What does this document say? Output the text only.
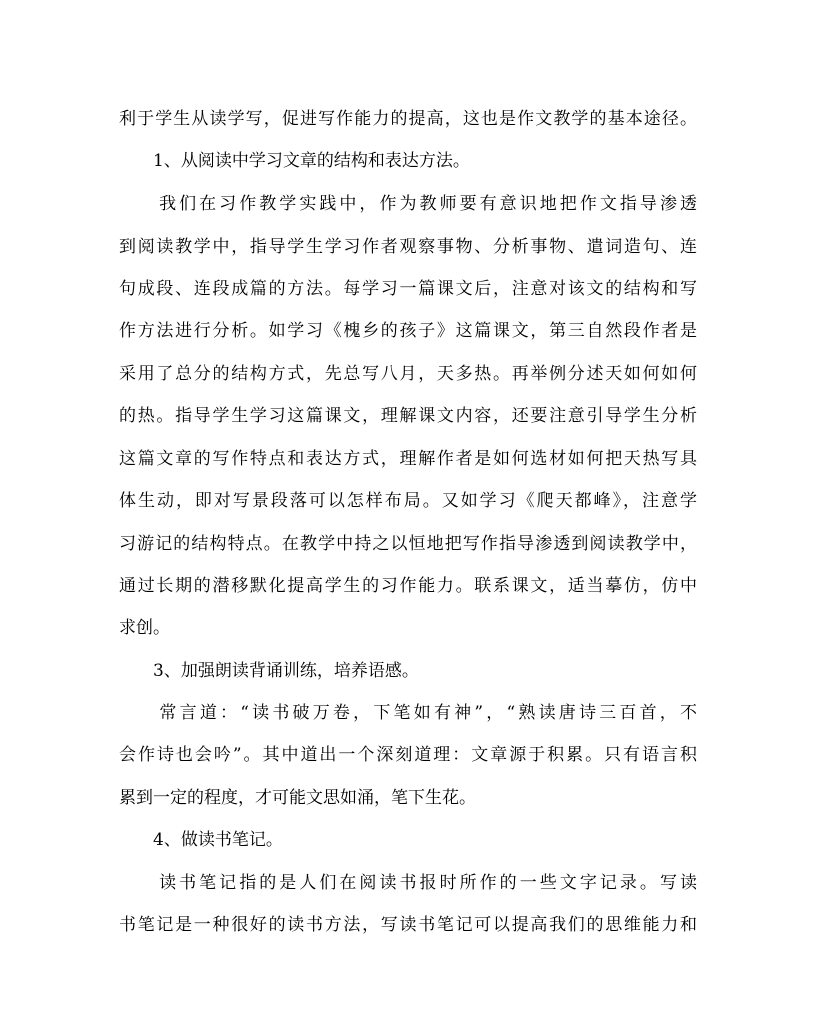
利于学生从读学写，促进写作能力的提高，这也是作文教学的基本途径。
　　1、从阅读中学习文章的结构和表达方法。
　　我们在习作教学实践中，作为教师要有意识地把作文指导渗透
到阅读教学中，指导学生学习作者观察事物、分析事物、遣词造句、连
句成段、连段成篇的方法。每学习一篇课文后，注意对该文的结构和写
作方法进行分析。如学习《槐乡的孩子》这篇课文，第三自然段作者是
采用了总分的结构方式，先总写八月，天多热。再举例分述天如何如何
的热。指导学生学习这篇课文，理解课文内容，还要注意引导学生分析
这篇文章的写作特点和表达方式，理解作者是如何选材如何把天热写具
体生动，即对写景段落可以怎样布局。又如学习《爬天都峰》，注意学
习游记的结构特点。在教学中持之以恒地把写作指导渗透到阅读教学中，
通过长期的潜移默化提高学生的习作能力。联系课文，适当摹仿，仿中
求创。
　　3、加强朗读背诵训练，培养语感。
　　常言道：“读书破万卷，下笔如有神”，“熟读唐诗三百首，不
会作诗也会吟”。其中道出一个深刻道理：文章源于积累。只有语言积
累到一定的程度，才可能文思如涌，笔下生花。
　　4、做读书笔记。
　　读书笔记指的是人们在阅读书报时所作的一些文字记录。写读
书笔记是一种很好的读书方法，写读书笔记可以提高我们的思维能力和
